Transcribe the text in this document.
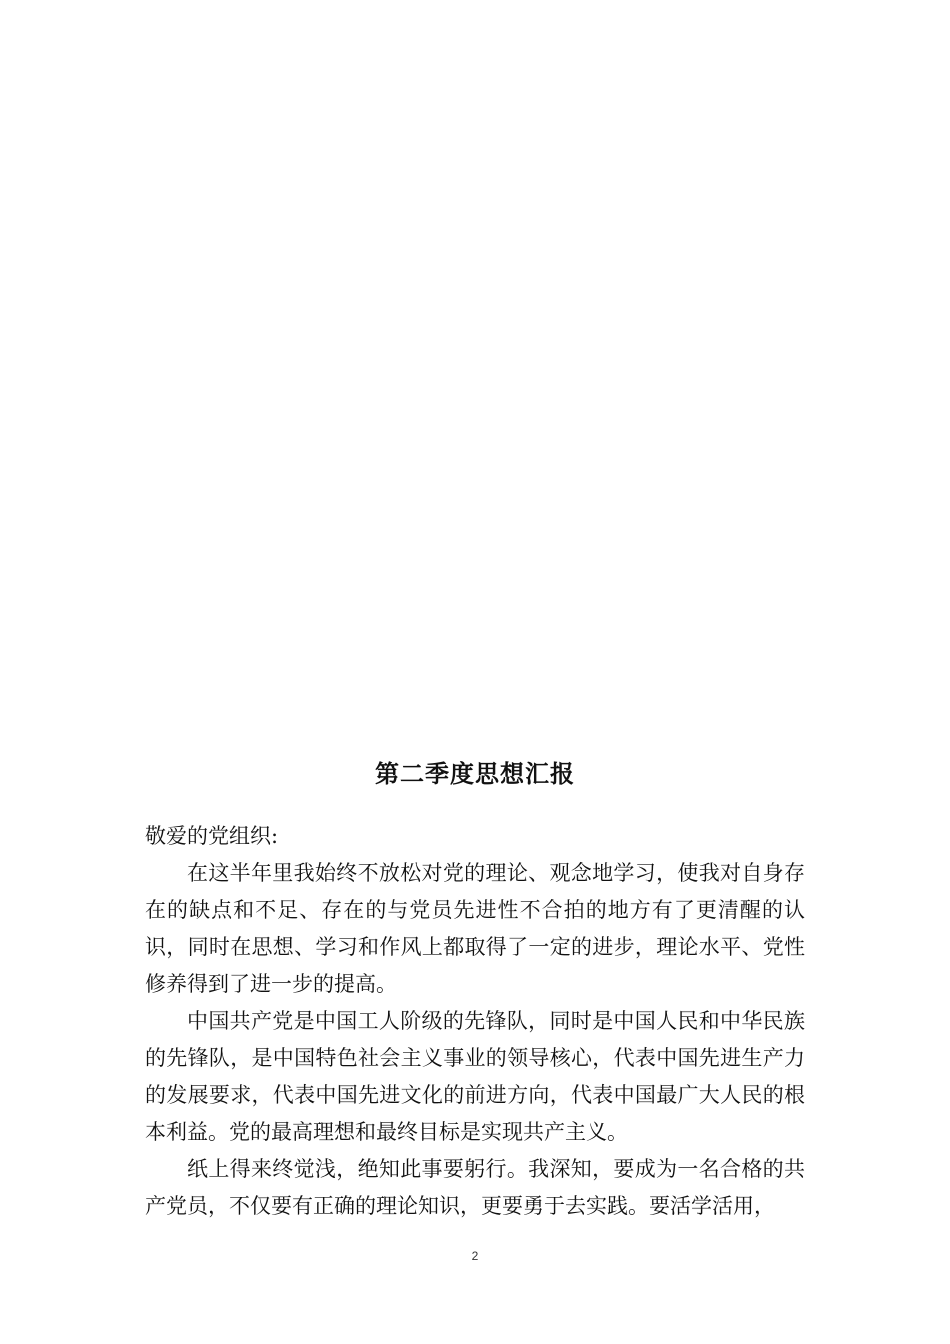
第二季度思想汇报

敬爱的党组织:

在这半年里我始终不放松对党的理论、观念地学习，使我对自身存在的缺点和不足、存在的与党员先进性不合拍的地方有了更清醒的认识，同时在思想、学习和作风上都取得了一定的进步，理论水平、党性修养得到了进一步的提高。

中国共产党是中国工人阶级的先锋队，同时是中国人民和中华民族的先锋队，是中国特色社会主义事业的领导核心，代表中国先进生产力的发展要求，代表中国先进文化的前进方向，代表中国最广大人民的根本利益。党的最高理想和最终目标是实现共产主义。

纸上得来终觉浅，绝知此事要躬行。我深知，要成为一名合格的共产党员，不仅要有正确的理论知识，更要勇于去实践。要活学活用，

2
